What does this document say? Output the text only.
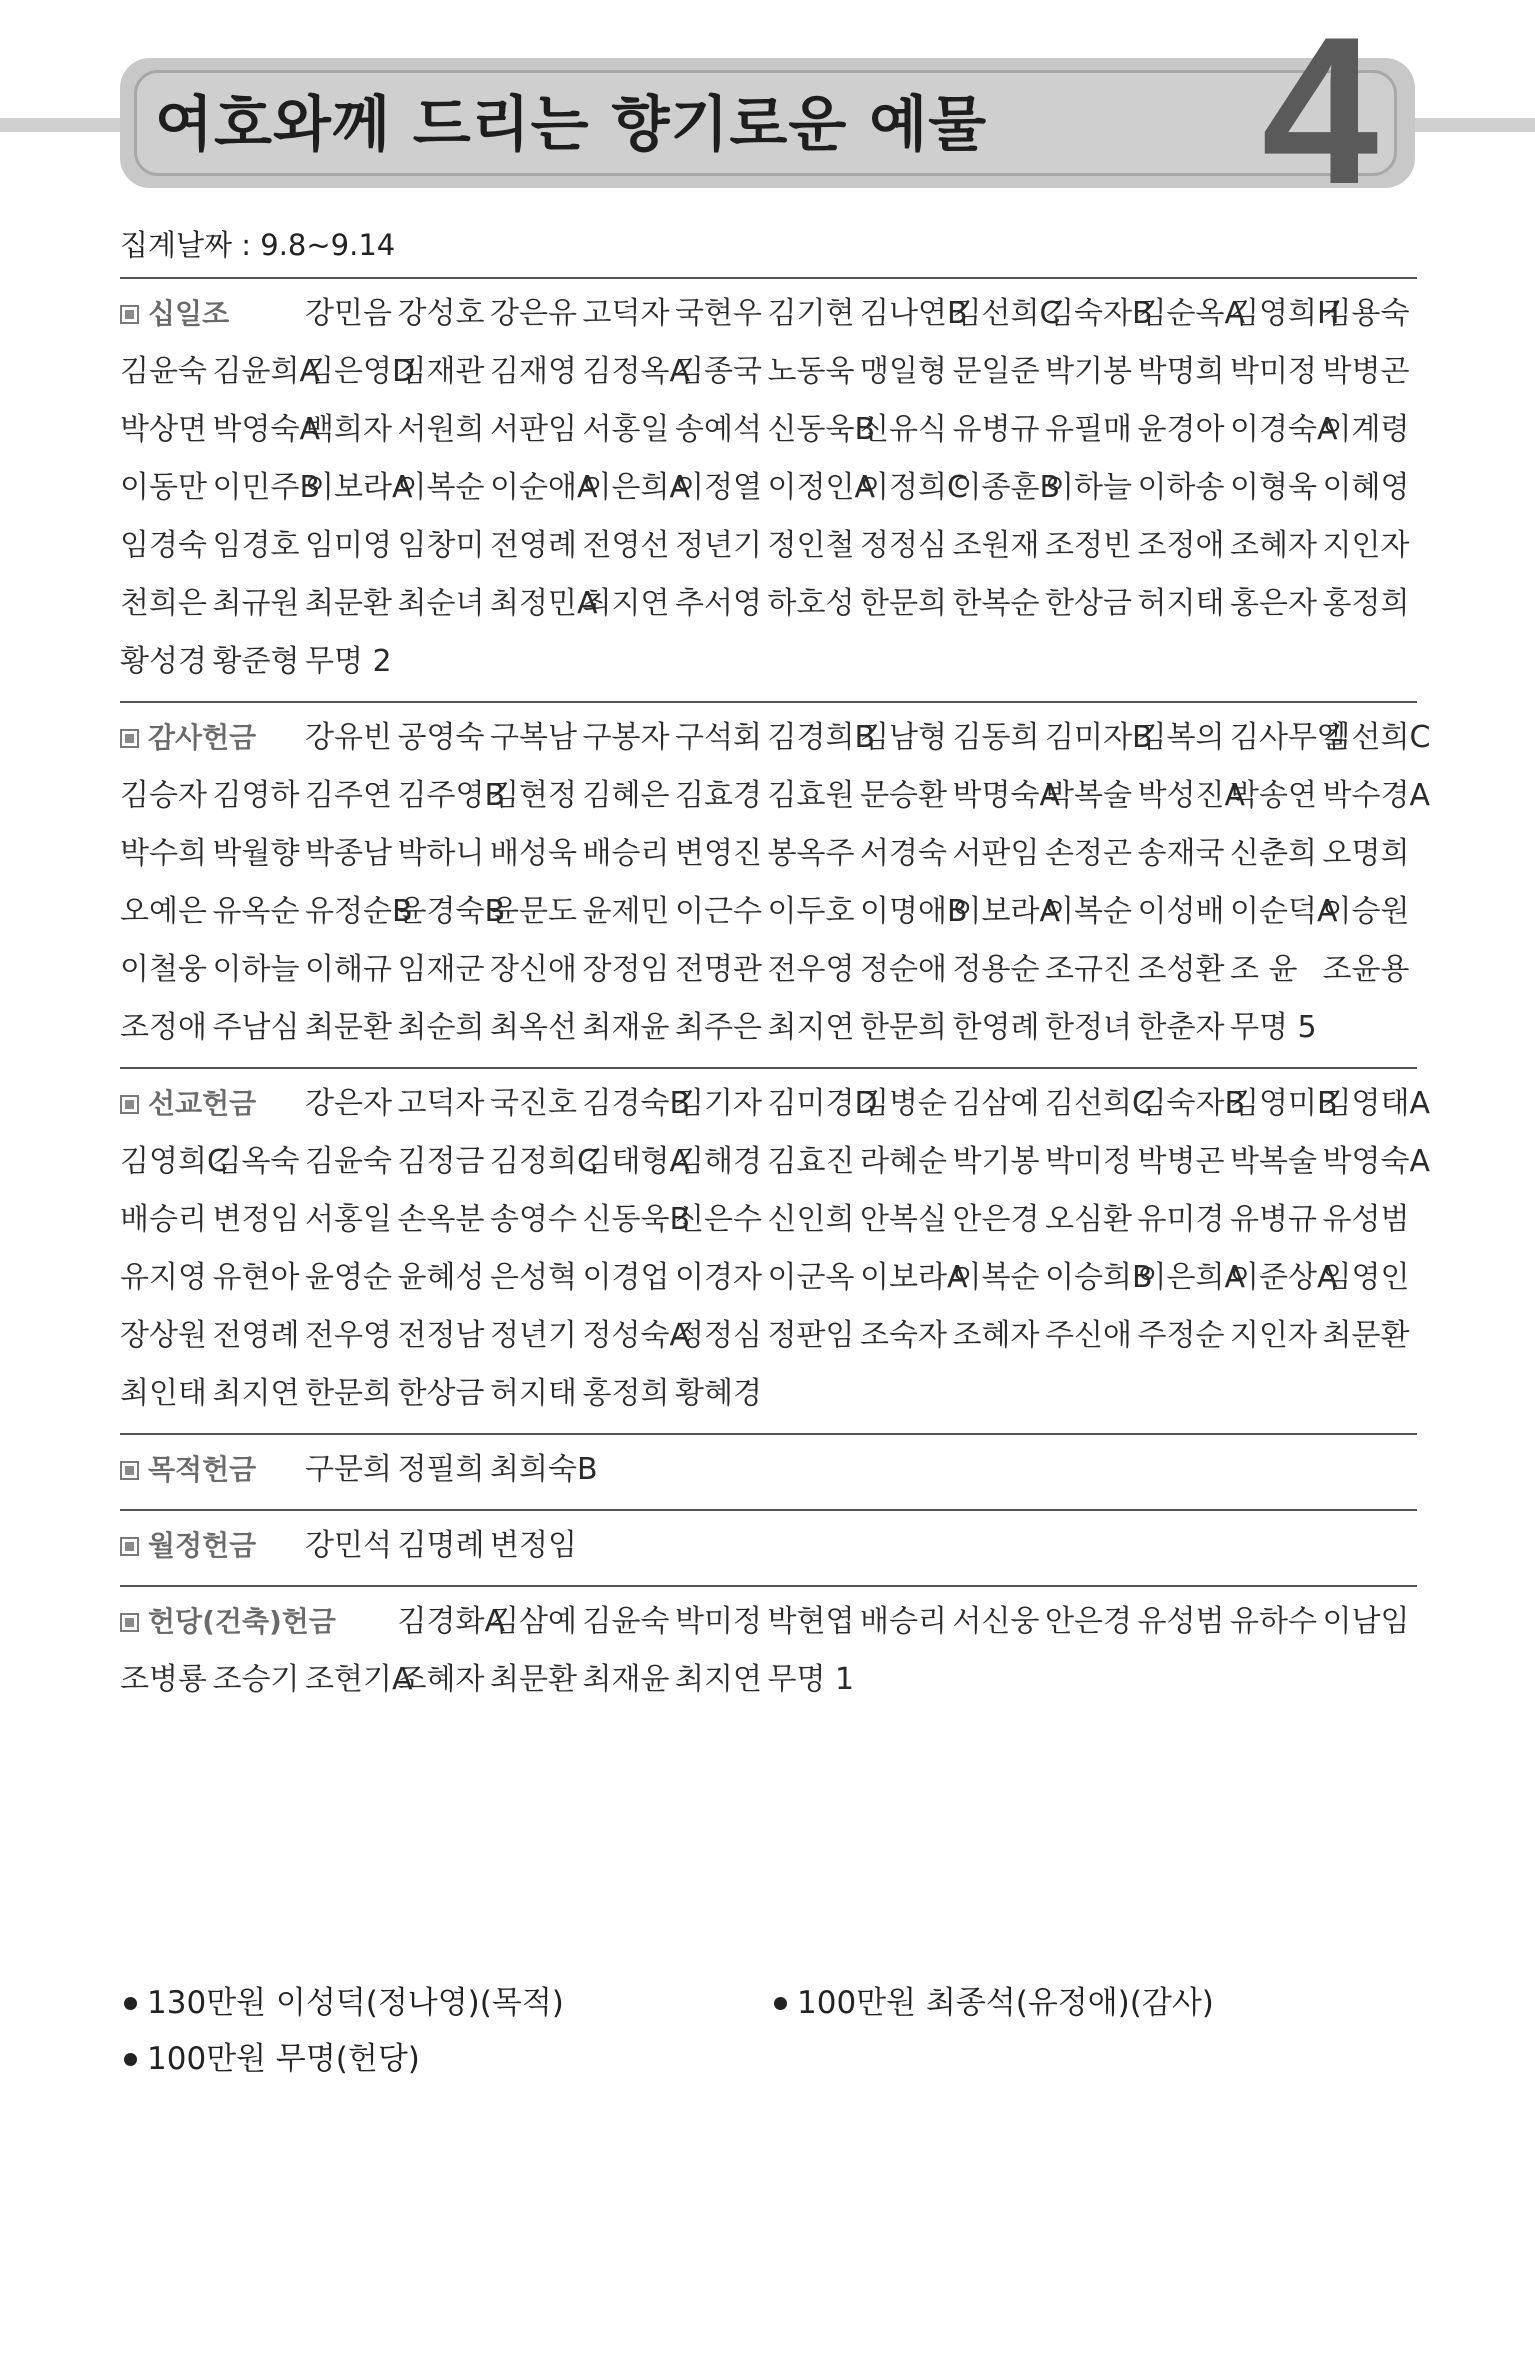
여호와께 드리는 향기로운 예물	4
집계날짜 : 9.8~9.14
십일조	강민음 강성호 강은유 고덕자 국현우 김기현 김나연B
김선희C
김숙자B
김순옥A
김영희H
김용숙
김윤숙 김윤희A
김은영D
김재관 김재영 김정옥A
김종국 노동욱 맹일형 문일준 박기봉 박명희 박미정 박병곤
박상면 박영숙A
백희자 서원희 서판임 서홍일 송예석 신동욱B
신유식 유병규 유필매 윤경아 이경숙A
이계령
이동만 이민주B
이보라A
이복순 이순애A
이은희A
이정열 이정인A
이정희C
이종훈B
이하늘 이하송 이형욱 이혜영
임경숙 임경호 임미영 임창미 전영례 전영선 정년기 정인철 정정심 조원재 조정빈 조정애 조혜자 지인자
천희은 최규원 최문환 최순녀 최정민A
최지연 추서영 하호성 한문희 한복순 한상금 허지태 홍은자 홍정희
황성경 황준형 무명 2
감사헌금 강유빈 공영숙 구복남 구봉자 구석회 김경희B
김남형 김동희 김미자B
김복의 김사무엘
김선희C
김승자 김영하 김주연 김주영B
김현정 김혜은 김효경 김효원 문승환 박명숙A
박복술 박성진A
박송연 박수경A
박수희 박월향 박종남 박하니 배성욱 배승리 변영진 봉옥주 서경숙 서판임 손정곤 송재국 신춘희 오명희
오예은 유옥순 유정순B
윤경숙B
윤문도 윤제민 이근수 이두호 이명애B
이보라A
이복순 이성배 이순덕A
이승원
이철웅 이하늘 이해규 임재군 장신애 장정임 전명관 전우영 정순애 정용순 조규진 조성환 조 윤 조윤용
조정애 주남심 최문환 최순희 최옥선 최재윤 최주은 최지연 한문희 한영례 한정녀 한춘자 무명 5
선교헌금 강은자 고덕자 국진호 김경숙B
김기자 김미경D
김병순 김삼예 김선희C
김숙자B
김영미B
김영태A
김영희C
김옥숙 김윤숙 김정금 김정희C
김태형A
김해경 김효진 라혜순 박기봉 박미정 박병곤 박복술 박영숙A
배승리 변정임 서홍일 손옥분 송영수 신동욱B
신은수 신인희 안복실 안은경 오심환 유미경 유병규 유성범
유지영 유현아 윤영순 윤혜성 은성혁 이경업 이경자 이군옥 이보라A
이복순 이승희B
이은희A
이준상A
임영인
장상원 전영례 전우영 전정남 정년기 정성숙A
정정심 정판임 조숙자 조혜자 주신애 주정순 지인자 최문환
최인태 최지연 한문희 한상금 허지태 홍정희 황혜경
목적헌금 구문희 정필희 최희숙B
월정헌금 강민석 김명례 변정임
헌당(건축)헌금 김경화A
김삼예 김윤숙 박미정 박현엽 배승리 서신웅 안은경 유성범 유하수 이남임
조병룡 조승기 조현기A
조혜자 최문환 최재윤 최지연 무명 1
130만원 이성덕(정나영)(목적)	100만원 최종석(유정애)(감사)
100만원 무명(헌당)
